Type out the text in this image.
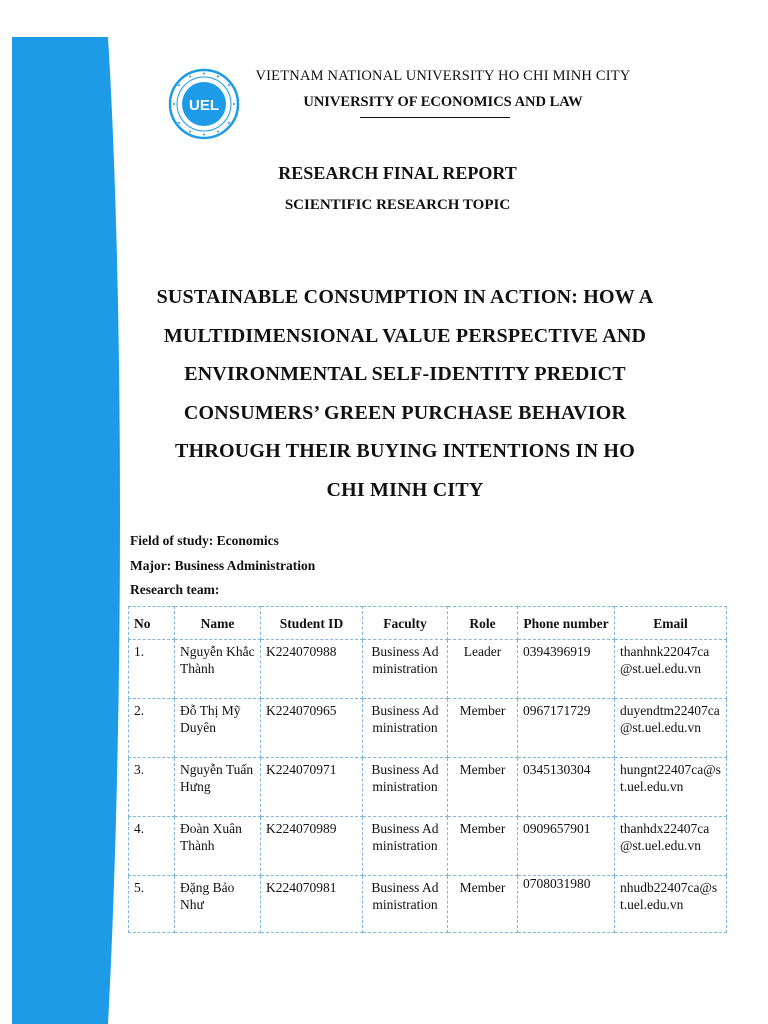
UEL
VIETNAM NATIONAL UNIVERSITY HO CHI MINH CITY
UNIVERSITY OF ECONOMICS AND LAW
RESEARCH FINAL REPORT
SCIENTIFIC RESEARCH TOPIC
SUSTAINABLE CONSUMPTION IN ACTION: HOW A
MULTIDIMENSIONAL VALUE PERSPECTIVE AND
ENVIRONMENTAL SELF-IDENTITY PREDICT
CONSUMERS’ GREEN PURCHASE BEHAVIOR
THROUGH THEIR BUYING INTENTIONS IN HO
CHI MINH CITY
Field of study: Economics
Major: Business Administration
Research team:
No	Name	Student ID	Faculty	Role	Phone number	Email
1.	Nguyễn Khắc Thành	K224070988	Business Administration	Leader	0394396919	thanhnk22047ca@st.uel.edu.vn
2.	Đỗ Thị Mỹ Duyên	K224070965	Business Administration	Member	0967171729	duyendtm22407ca@st.uel.edu.vn
3.	Nguyễn Tuấn Hưng	K224070971	Business Administration	Member	0345130304	hungnt22407ca@st.uel.edu.vn
4.	Đoàn Xuân Thành	K224070989	Business Administration	Member	0909657901	thanhdx22407ca@st.uel.edu.vn
5.	Đặng Bảo Như	K224070981	Business Administration	Member	0708031980	nhudb22407ca@st.uel.edu.vn
